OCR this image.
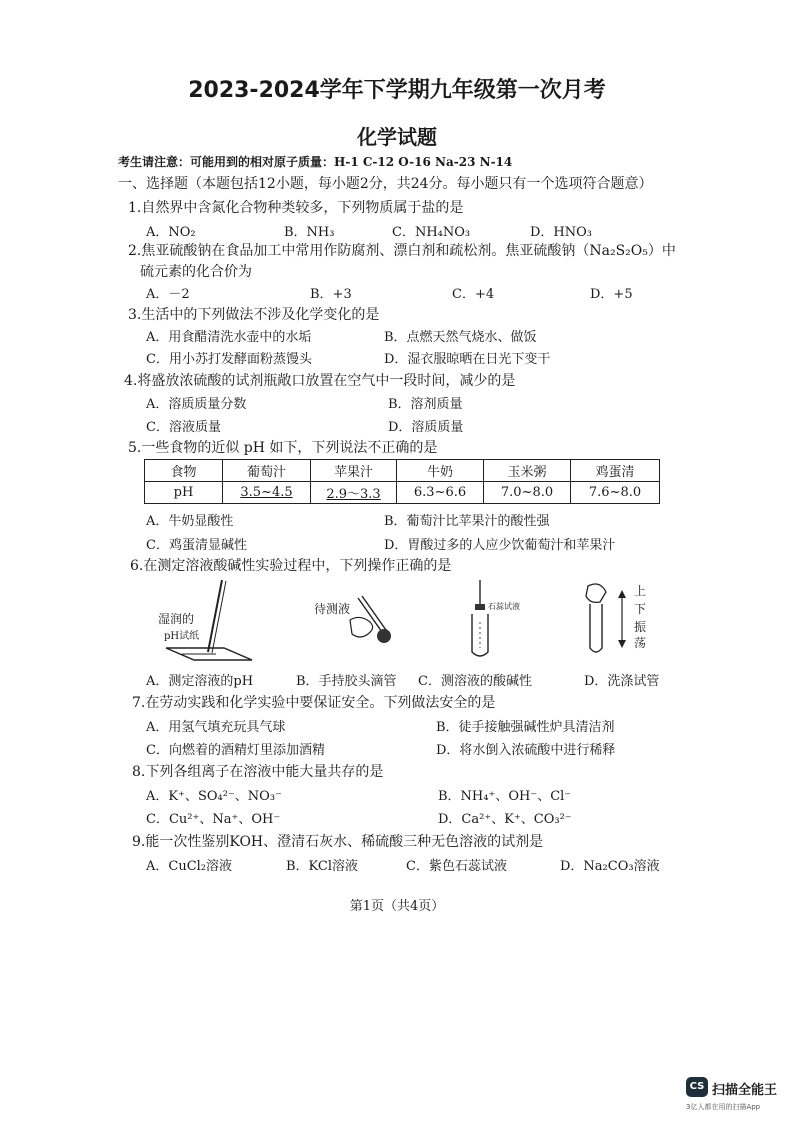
2023-2024学年下学期九年级第一次月考
化学试题
考生请注意：可能用到的相对原子质量：H-1 C-12 O-16 Na-23 N-14
一、选择题（本题包括12小题，每小题2分，共24分。每小题只有一个选项符合题意）
1.自然界中含氮化合物种类较多，下列物质属于盐的是
A．NO₂	B．NH₃	C．NH₄NO₃	D．HNO₃
2.焦亚硫酸钠在食品加工中常用作防腐剂、漂白剂和疏松剂。焦亚硫酸钠（Na₂S₂O₅）中
硫元素的化合价为
A．－2	B．+3	C．+4	D．+5
3.生活中的下列做法不涉及化学变化的是
A．用食醋清洗水壶中的水垢	B．点燃天然气烧水、做饭
C．用小苏打发酵面粉蒸馒头	D．湿衣服晾晒在日光下变干
4.将盛放浓硫酸的试剂瓶敞口放置在空气中一段时间，减少的是
A．溶质质量分数	B．溶剂质量
C．溶液质量	D．溶质质量
5.一些食物的近似 pH 如下，下列说法不正确的是
食物	葡萄汁	苹果汁	牛奶	玉米粥	鸡蛋清
pH	3.5~4.5	2.9～3.3	6.3~6.6	7.0~8.0	7.6~8.0
A．牛奶显酸性	B．葡萄汁比苹果汁的酸性强
C．鸡蛋清显碱性	D．胃酸过多的人应少饮葡萄汁和苹果汁
6.在测定溶液酸碱性实验过程中，下列操作正确的是
湿润的
pH试纸
待测液	石蕊试液
上
下
振
荡
A．测定溶液的pH	B．手持胶头滴管 C．测溶液的酸碱性	D．洗涤试管
7.在劳动实践和化学实验中要保证安全。下列做法安全的是
A．用氢气填充玩具气球	B．徒手接触强碱性炉具清洁剂
C．向燃着的酒精灯里添加酒精	D．将水倒入浓硫酸中进行稀释
8.下列各组离子在溶液中能大量共存的是
A．K⁺、SO₄²⁻、NO₃⁻	B．NH₄⁺、OH⁻、Cl⁻
C．Cu²⁺、Na⁺、OH⁻	D．Ca²⁺、K⁺、CO₃²⁻
9.能一次性鉴别KOH、澄清石灰水、稀硫酸三种无色溶液的试剂是
A．CuCl₂溶液	B．KCl溶液	C．紫色石蕊试液	D．Na₂CO₃溶液
第1页（共4页）
CS 扫描全能王
3亿人都在用的扫描App
